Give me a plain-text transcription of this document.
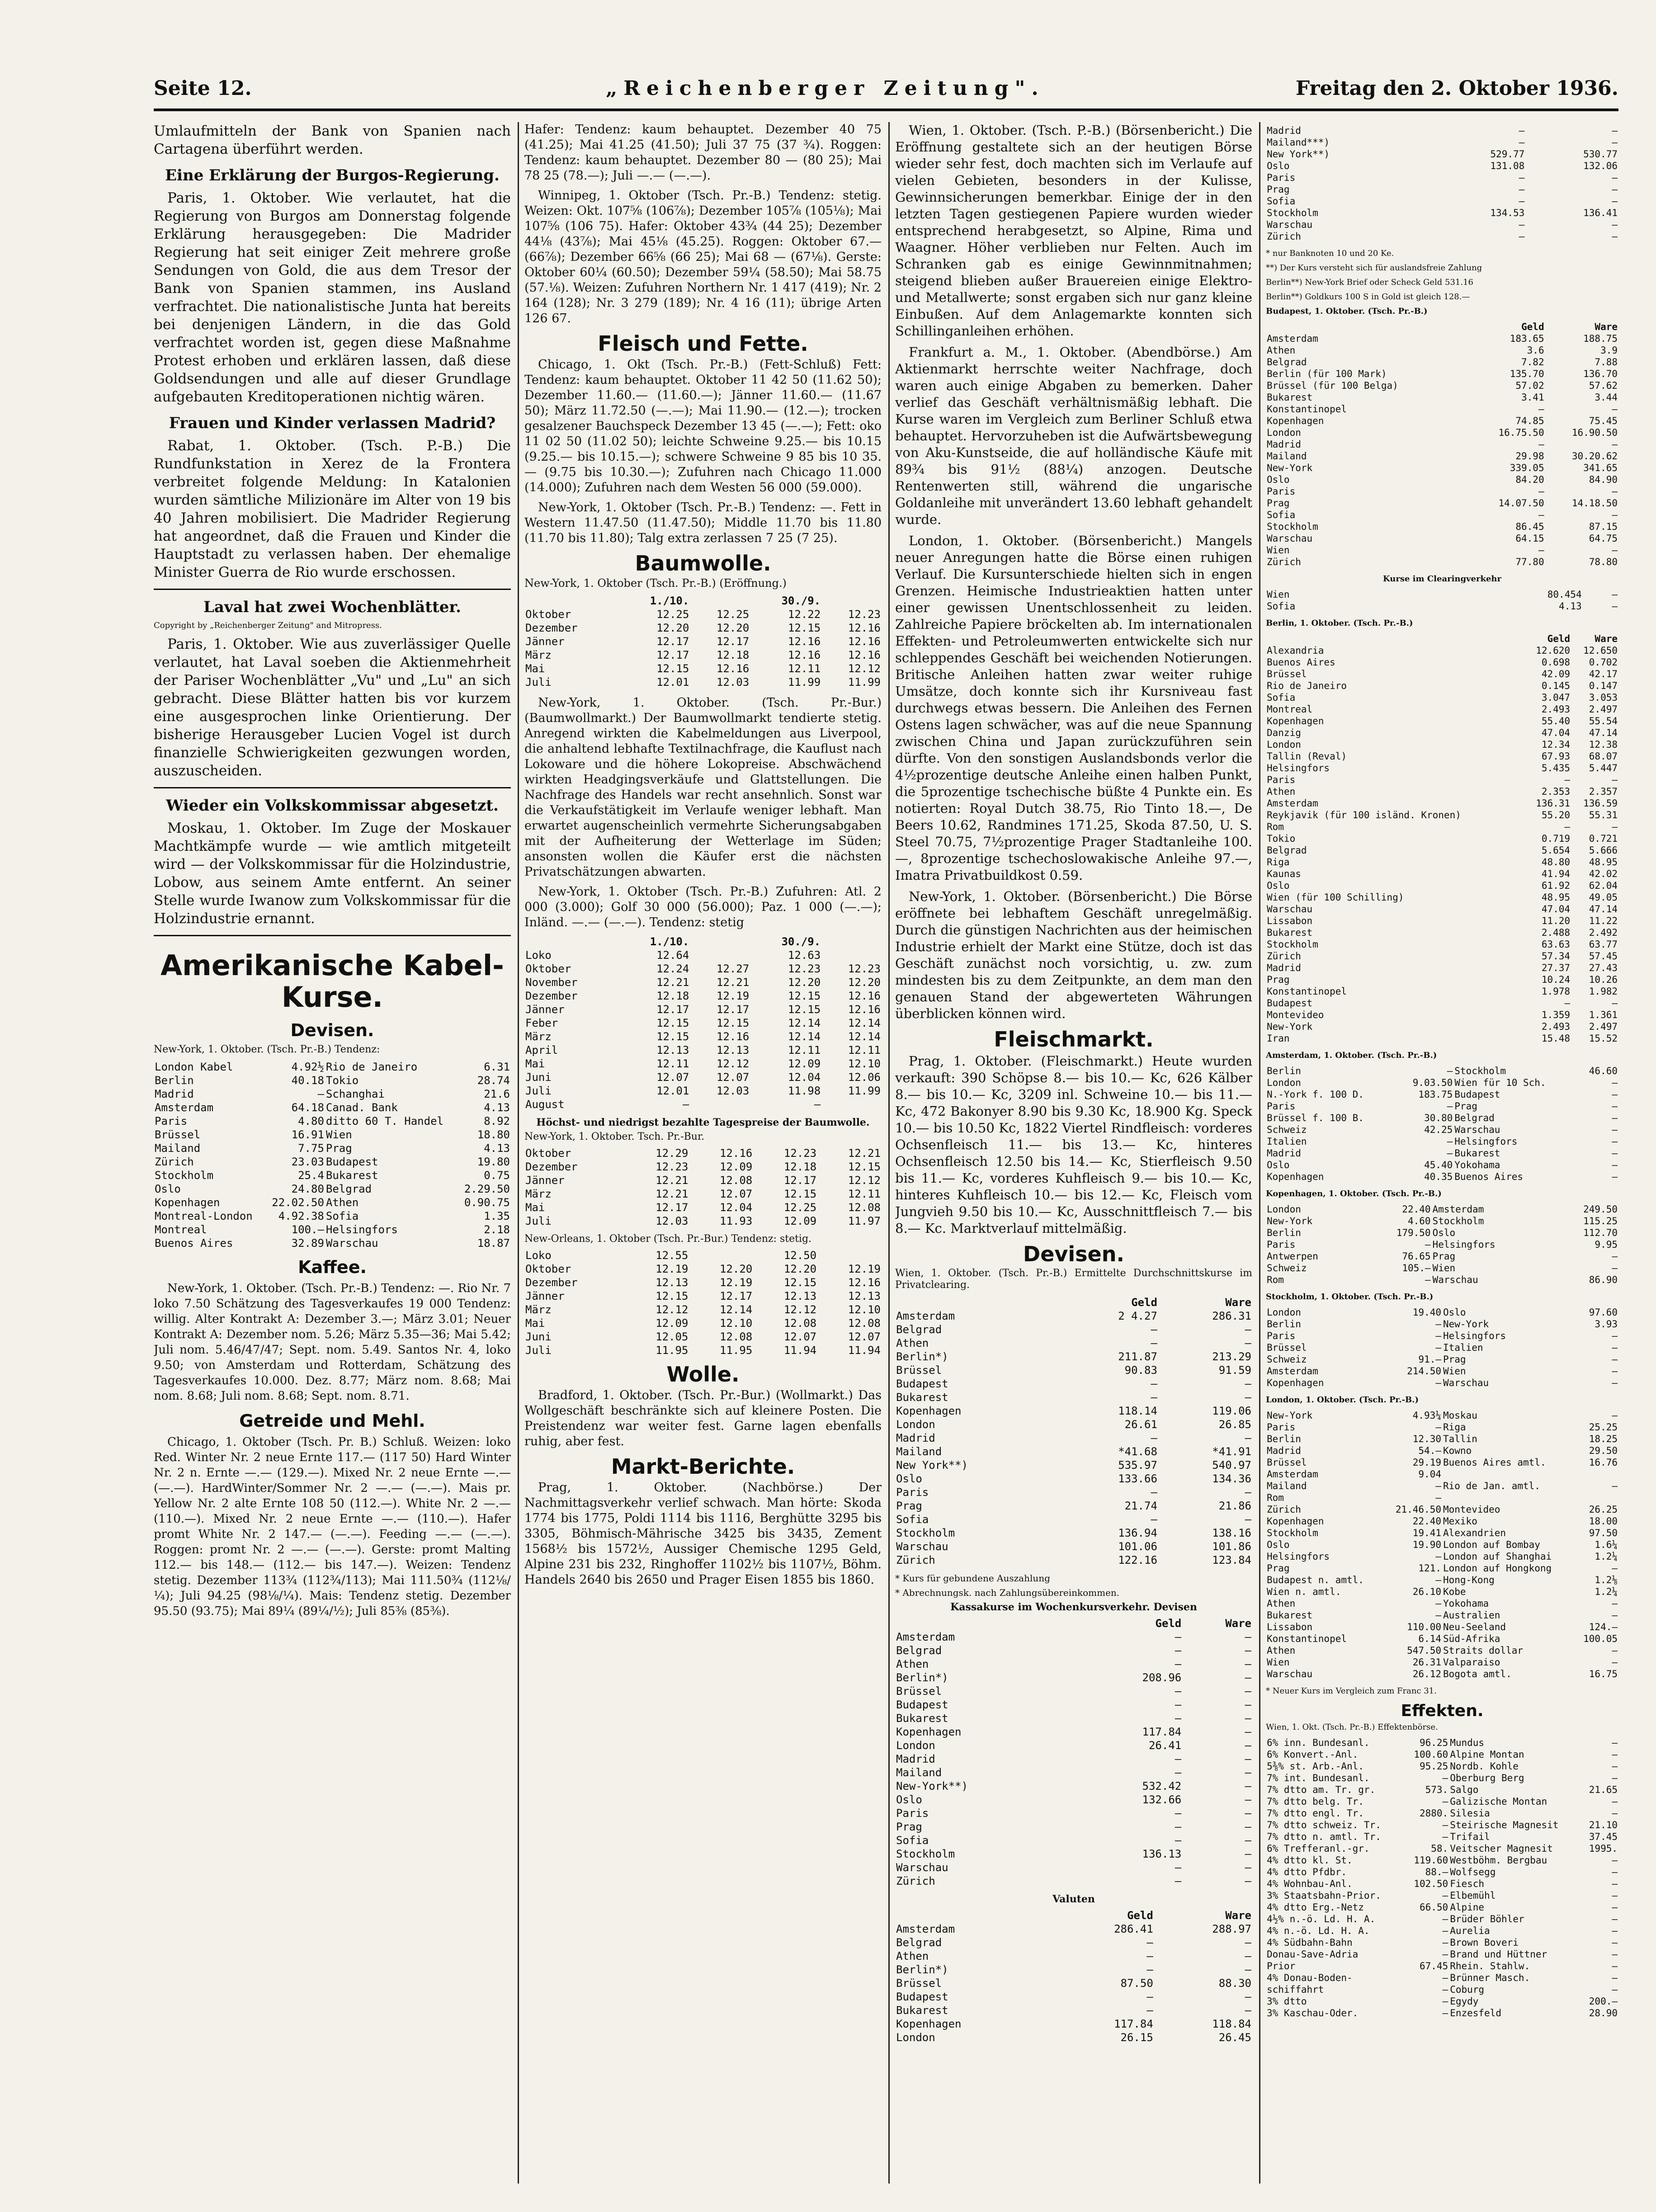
Seite 12.	„Reichenberger Zeitung".	Freitag den 2. Oktober 1936.

Umlaufmitteln der Bank von Spanien nach Cartagena überführt werden.

Eine Erklärung der Burgos-Regierung.

Paris, 1. Oktober. Wie verlautet, hat die Regierung von Burgos am Donnerstag folgende Erklärung herausgegeben: Die Madrider Regierung hat seit einiger Zeit mehrere große Sendungen von Gold, die aus dem Tresor der Bank von Spanien stammen, ins Ausland verfrachtet. Die nationalistische Junta hat bereits bei denjenigen Ländern, in die das Gold verfrachtet worden ist, gegen diese Maßnahme Protest erhoben und erklären lassen, daß diese Goldsendungen und alle auf dieser Grundlage aufgebauten Kreditoperationen nichtig wären.

Frauen und Kinder verlassen Madrid?

Rabat, 1. Oktober. (Tsch. P.-B.) Die Rundfunkstation in Xerez de la Frontera verbreitet folgende Meldung: In Katalonien wurden sämtliche Milizionäre im Alter von 19 bis 40 Jahren mobilisiert. Die Madrider Regierung hat angeordnet, daß die Frauen und Kinder die Hauptstadt zu verlassen haben. Der ehemalige Minister Guerra de Rio wurde erschossen.

Laval hat zwei Wochenblätter.
Copyright by „Reichenberger Zeitung" and Mitropress.

Paris, 1. Oktober. Wie aus zuverlässiger Quelle verlautet, hat Laval soeben die Aktienmehrheit der Pariser Wochenblätter „Vu" und „Lu" an sich gebracht. Diese Blätter hatten bis vor kurzem eine ausgesprochen linke Orientierung. Der bisherige Herausgeber Lucien Vogel ist durch finanzielle Schwierigkeiten gezwungen worden, auszuscheiden.

Wieder ein Volkskommissar abgesetzt.

Moskau, 1. Oktober. Im Zuge der Moskauer Machtkämpfe wurde — wie amtlich mitgeteilt wird — der Volkskommissar für die Holzindustrie, Lobow, aus seinem Amte entfernt. An seiner Stelle wurde Iwanow zum Volkskommissar für die Holzindustrie ernannt.

Amerikanische Kabel-Kurse.
Devisen.
New-York, 1. Oktober. (Tsch. Pr.-B.) Tendenz:
London Kabel	4.92½	Rio de Janeiro	6.31
Berlin	40.18	Tokio	28.74
Madrid	—	Schanghai	21.6
Amsterdam	64.18	Canad. Bank	4.13
Paris	4.80	ditto 60 T. Handel	8.92
Brüssel	16.91	Wien	18.80
Mailand	7.75	Prag	4.13
Zürich	23.03	Budapest	19.80
Stockholm	25.4	Bukarest	0.75
Oslo	24.80	Belgrad	2.29.50
Kopenhagen	22.02.50	Athen	0.90.75
Montreal-London	4.92.38	Sofia	1.35
Montreal	100.—	Helsingfors	2.18
Buenos Aires	32.89	Warschau	18.87
Kaffee.

New-York, 1. Oktober. (Tsch. Pr.-B.) Tendenz: —. Rio Nr. 7 loko 7.50 Schätzung des Tagesverkaufes 19 000 Tendenz: willig. Alter Kontrakt A: Dezember 3.—; März 3.01; Neuer Kontrakt A: Dezember nom. 5.26; März 5.35—36; Mai 5.42; Juli nom. 5.46/47/47; Sept. nom. 5.49. Santos Nr. 4, loko 9.50; von Amsterdam und Rotterdam, Schätzung des Tagesverkaufes 10.000. Dez. 8.77; März nom. 8.68; Mai nom. 8.68; Juli nom. 8.68; Sept. nom. 8.71.

Getreide und Mehl.

Chicago, 1. Oktober (Tsch. Pr. B.) Schluß. Weizen: loko Red. Winter Nr. 2 neue Ernte 117.— (117 50) Hard Winter Nr. 2 n. Ernte —.— (129.—). Mixed Nr. 2 neue Ernte —.— (—.—). HardWinter/Sommer Nr. 2 —.— (—.—). Mais pr. Yellow Nr. 2 alte Ernte 108 50 (112.—). White Nr. 2 —.— (110.—). Mixed Nr. 2 neue Ernte —.— (110.—). Hafer promt White Nr. 2 147.— (—.—). Feeding —.— (—.—). Roggen: promt Nr. 2 —.— (—.—). Gerste: promt Malting 112.— bis 148.— (112.— bis 147.—). Weizen: Tendenz stetig. Dezember 113¾ (112¾/113); Mai 111.50¾ (112⅛/¼); Juli 94.25 (98⅛/¼). Mais: Tendenz stetig. Dezember 95.50 (93.75); Mai 89¼ (89¼/½); Juli 85⅜ (85⅜).

Hafer: Tendenz: kaum behauptet. Dezember 40 75 (41.25); Mai 41.25 (41.50); Juli 37 75 (37 ¾). Roggen: Tendenz: kaum behauptet. Dezember 80 — (80 25); Mai 78 25 (78.—); Juli —.— (—.—).

Winnipeg, 1. Oktober (Tsch. Pr.-B.) Tendenz: stetig. Weizen: Okt. 107⅝ (106⅞); Dezember 105⅞ (105⅛); Mai 107⅝ (106 75). Hafer: Oktober 43¾ (44 25); Dezember 44⅛ (43⅞); Mai 45⅛ (45.25). Roggen: Oktober 67.— (66⅞); Dezember 66⅝ (66 25); Mai 68 — (67⅛). Gerste: Oktober 60¼ (60.50); Dezember 59¼ (58.50); Mai 58.75 (57.⅛). Weizen: Zufuhren Northern Nr. 1 417 (419); Nr. 2 164 (128); Nr. 3 279 (189); Nr. 4 16 (11); übrige Arten 126 67.

Fleisch und Fette.

Chicago, 1. Okt (Tsch. Pr.-B.) (Fett-Schluß) Fett: Tendenz: kaum behauptet. Oktober 11 42 50 (11.62 50); Dezember 11.60.— (11.60.—); Jänner 11.60.— (11.67 50); März 11.72.50 (—.—); Mai 11.90.— (12.—); trocken gesalzener Bauchspeck Dezember 13 45 (—.—); Fett: oko 11 02 50 (11.02 50); leichte Schweine 9.25.— bis 10.15 (9.25.— bis 10.15.—); schwere Schweine 9 85 bis 10 35.— (9.75 bis 10.30.—); Zufuhren nach Chicago 11.000 (14.000); Zufuhren nach dem Westen 56 000 (59.000).

New-York, 1. Oktober (Tsch. Pr.-B.) Tendenz: —. Fett in Western 11.47.50 (11.47.50); Middle 11.70 bis 11.80 (11.70 bis 11.80); Talg extra zerlassen 7 25 (7 25).

Baumwolle.
New-York, 1. Oktober (Tsch. Pr.-B.) (Eröffnung.)
	1./10.		30./9.	
Oktober	12.25	12.25	12.22	12.23
Dezember	12.20	12.20	12.15	12.16
Jänner	12.17	12.17	12.16	12.16
März	12.17	12.18	12.16	12.16
Mai	12.15	12.16	12.11	12.12
Juli	12.01	12.03	11.99	11.99

New-York, 1. Oktober. (Tsch. Pr.-Bur.) (Baumwollmarkt.) Der Baumwollmarkt tendierte stetig. Anregend wirkten die Kabelmeldungen aus Liverpool, die anhaltend lebhafte Textilnachfrage, die Kauflust nach Lokoware und die höhere Lokopreise. Abschwächend wirkten Headgingsverkäufe und Glattstellungen. Die Nachfrage des Handels war recht ansehnlich. Sonst war die Verkaufstätigkeit im Verlaufe weniger lebhaft. Man erwartet augenscheinlich vermehrte Sicherungsabgaben mit der Aufheiterung der Wetterlage im Süden; ansonsten wollen die Käufer erst die nächsten Privatschätzungen abwarten.

New-York, 1. Oktober (Tsch. Pr.-B.) Zufuhren: Atl. 2 000 (3.000); Golf 30 000 (56.000); Paz. 1 000 (—.—); Inländ. —.— (—.—). Tendenz: stetig

	1./10.		30./9.	
Loko	12.64		12.63	
Oktober	12.24	12.27	12.23	12.23
November	12.21	12.21	12.20	12.20
Dezember	12.18	12.19	12.15	12.16
Jänner	12.17	12.17	12.15	12.16
Feber	12.15	12.15	12.14	12.14
März	12.15	12.16	12.14	12.14
April	12.13	12.13	12.11	12.11
Mai	12.11	12.12	12.09	12.10
Juni	12.07	12.07	12.04	12.06
Juli	12.01	12.03	11.98	11.99
August	—		—	
Höchst- und niedrigst bezahlte Tagespreise der Baumwolle.
New-York, 1. Oktober. Tsch. Pr.-Bur.
Oktober	12.29	12.16	12.23	12.21
Dezember	12.23	12.09	12.18	12.15
Jänner	12.21	12.08	12.17	12.12
März	12.21	12.07	12.15	12.11
Mai	12.17	12.04	12.25	12.08
Juli	12.03	11.93	12.09	11.97
New-Orleans, 1. Oktober (Tsch. Pr.-Bur.) Tendenz: stetig.
Loko	12.55		12.50	
Oktober	12.19	12.20	12.20	12.19
Dezember	12.13	12.19	12.15	12.16
Jänner	12.15	12.17	12.13	12.13
März	12.12	12.14	12.12	12.10
Mai	12.09	12.10	12.08	12.08
Juni	12.05	12.08	12.07	12.07
Juli	11.95	11.95	11.94	11.94
Wolle.

Bradford, 1. Oktober. (Tsch. Pr.-Bur.) (Wollmarkt.) Das Wollgeschäft beschränkte sich auf kleinere Posten. Die Preistendenz war weiter fest. Garne lagen ebenfalls ruhig, aber fest.

Markt-Berichte.

Prag, 1. Oktober. (Nachbörse.) Der Nachmittagsverkehr verlief schwach. Man hörte: Skoda 1774 bis 1775, Poldi 1114 bis 1116, Berghütte 3295 bis 3305, Böhmisch-Mährische 3425 bis 3435, Zement 1568½ bis 1572½, Aussiger Chemische 1295 Geld, Alpine 231 bis 232, Ringhoffer 1102½ bis 1107½, Böhm. Handels 2640 bis 2650 und Prager Eisen 1855 bis 1860.

Wien, 1. Oktober. (Tsch. P.-B.) (Börsenbericht.) Die Eröffnung gestaltete sich an der heutigen Börse wieder sehr fest, doch machten sich im Verlaufe auf vielen Gebieten, besonders in der Kulisse, Gewinnsicherungen bemerkbar. Einige der in den letzten Tagen gestiegenen Papiere wurden wieder entsprechend herabgesetzt, so Alpine, Rima und Waagner. Höher verblieben nur Felten. Auch im Schranken gab es einige Gewinnmitnahmen; steigend blieben außer Brauereien einige Elektro- und Metallwerte; sonst ergaben sich nur ganz kleine Einbußen. Auf dem Anlagemarkte konnten sich Schillinganleihen erhöhen.

Frankfurt a. M., 1. Oktober. (Abendbörse.) Am Aktienmarkt herrschte weiter Nachfrage, doch waren auch einige Abgaben zu bemerken. Daher verlief das Geschäft verhältnismäßig lebhaft. Die Kurse waren im Vergleich zum Berliner Schluß etwa behauptet. Hervorzuheben ist die Aufwärtsbewegung von Aku-Kunstseide, die auf holländische Käufe mit 89¾ bis 91½ (88¼) anzogen. Deutsche Rentenwerten still, während die ungarische Goldanleihe mit unverändert 13.60 lebhaft gehandelt wurde.

London, 1. Oktober. (Börsenbericht.) Mangels neuer Anregungen hatte die Börse einen ruhigen Verlauf. Die Kursunterschiede hielten sich in engen Grenzen. Heimische Industrieaktien hatten unter einer gewissen Unentschlossenheit zu leiden. Zahlreiche Papiere bröckelten ab. Im internationalen Effekten- und Petroleumwerten entwickelte sich nur schleppendes Geschäft bei weichenden Notierungen. Britische Anleihen hatten zwar weiter ruhige Umsätze, doch konnte sich ihr Kursniveau fast durchwegs etwas bessern. Die Anleihen des Fernen Ostens lagen schwächer, was auf die neue Spannung zwischen China und Japan zurückzuführen sein dürfte. Von den sonstigen Auslandsbonds verlor die 4½prozentige deutsche Anleihe einen halben Punkt, die 5prozentige tschechische büßte 4 Punkte ein. Es notierten: Royal Dutch 38.75, Rio Tinto 18.—, De Beers 10.62, Randmines 171.25, Skoda 87.50, U. S. Steel 70.75, 7½prozentige Prager Stadtanleihe 100.—, 8prozentige tschechoslowakische Anleihe 97.—, Imatra Privatbuildkost 0.59.

New-York, 1. Oktober. (Börsenbericht.) Die Börse eröffnete bei lebhaftem Geschäft unregelmäßig. Durch die günstigen Nachrichten aus der heimischen Industrie erhielt der Markt eine Stütze, doch ist das Geschäft zunächst noch vorsichtig, u. zw. zum mindesten bis zu dem Zeitpunkte, an dem man den genauen Stand der abgewerteten Währungen überblicken können wird.

Fleischmarkt.

Prag, 1. Oktober. (Fleischmarkt.) Heute wurden verkauft: 390 Schöpse 8.— bis 10.— Kc, 626 Kälber 8.— bis 10.— Kc, 3209 inl. Schweine 10.— bis 11.— Kc, 472 Bakonyer 8.90 bis 9.30 Kc, 18.900 Kg. Speck 10.— bis 10.50 Kc, 1822 Viertel Rindfleisch: vorderes Ochsenfleisch 11.— bis 13.— Kc, hinteres Ochsenfleisch 12.50 bis 14.— Kc, Stierfleisch 9.50 bis 11.— Kc, vorderes Kuhfleisch 9.— bis 10.— Kc, hinteres Kuhfleisch 10.— bis 12.— Kc, Fleisch vom Jungvieh 9.50 bis 10.— Kc, Ausschnittfleisch 7.— bis 8.— Kc. Marktverlauf mittelmäßig.

Devisen.
Wien, 1. Oktober. (Tsch. Pr.-B.) Ermittelte Durchschnittskurse im Privatclearing.
	Geld	Ware
Amsterdam	2 4.27	286.31
Belgrad	—	—
Athen	—	—
Berlin*)	211.87	213.29
Brüssel	90.83	91.59
Budapest	—	—
Bukarest	—	—
Kopenhagen	118.14	119.06
London	26.61	26.85
Madrid	—	—
Mailand	*41.68	*41.91
New York**)	535.97	540.97
Oslo	133.66	134.36
Paris	—	—
Prag	21.74	21.86
Sofia	—	—
Stockholm	136.94	138.16
Warschau	101.06	101.86
Zürich	122.16	123.84
* Kurs für gebundene Auszahlung
* Abrechnungsk. nach Zahlungsübereinkommen.
Kassakurse im Wochenkursverkehr. Devisen
	Geld	Ware
Amsterdam	—	—
Belgrad	—	—
Athen	—	—
Berlin*)	208.96	—
Brüssel	—	—
Budapest	—	—
Bukarest	—	—
Kopenhagen	117.84	—
London	26.41	—
Madrid	—	—
Mailand	—	—
New-York**)	532.42	—
Oslo	132.66	—
Paris	—	—
Prag	—	—
Sofia	—	—
Stockholm	136.13	—
Warschau	—	—
Zürich	—	—
Valuten
	Geld	Ware
Amsterdam	286.41	288.97
Belgrad	—	—
Athen	—	—
Berlin*)	—	—
Brüssel	87.50	88.30
Budapest	—	—
Bukarest	—	—
Kopenhagen	117.84	118.84
London	26.15	26.45
Madrid	—	—
Mailand***)	—	—
New York**)	529.77	530.77
Oslo	131.08	132.06
Paris	—	—
Prag	—	—
Sofia	—	—
Stockholm	134.53	136.41
Warschau	—	—
Zürich	—	—
* nur Banknoten 10 und 20 Ke.
**) Der Kurs versteht sich für auslandsfreie Zahlung
Berlin**) New-York Brief oder Scheck Geld 531.16
Berlin**) Goldkurs 100 S in Gold ist gleich 128.—
Budapest, 1. Oktober. (Tsch. Pr.-B.)
	Geld	Ware
Amsterdam	183.65	188.75
Athen	3.6	3.9
Belgrad	7.82	7.88
Berlin (für 100 Mark)	135.70	136.70
Brüssel (für 100 Belga)	57.02	57.62
Bukarest	3.41	3.44
Konstantinopel	—	—
Kopenhagen	74.85	75.45
London	16.75.50	16.90.50
Madrid	—	—
Mailand	29.98	30.20.62
New-York	339.05	341.65
Oslo	84.20	84.90
Paris	—	—
Prag	14.07.50	14.18.50
Sofia	—	—
Stockholm	86.45	87.15
Warschau	64.15	64.75
Wien	—	—
Zürich	77.80	78.80
Kurse im Clearingverkehr
Wien	80.454	—
Sofia	4.13	—
Berlin, 1. Oktober. (Tsch. Pr.-B.)
	Geld	Ware
Alexandria	12.620	12.650
Buenos Aires	0.698	0.702
Brüssel	42.09	42.17
Rio de Janeiro	0.145	0.147
Sofia	3.047	3.053
Montreal	2.493	2.497
Kopenhagen	55.40	55.54
Danzig	47.04	47.14
London	12.34	12.38
Tallin (Reval)	67.93	68.07
Helsingfors	5.435	5.447
Paris	—	—
Athen	2.353	2.357
Amsterdam	136.31	136.59
Reykjavik (für 100 isländ. Kronen)	55.20	55.31
Rom	—	—
Tokio	0.719	0.721
Belgrad	5.654	5.666
Riga	48.80	48.95
Kaunas	41.94	42.02
Oslo	61.92	62.04
Wien (für 100 Schilling)	48.95	49.05
Warschau	47.04	47.14
Lissabon	11.20	11.22
Bukarest	2.488	2.492
Stockholm	63.63	63.77
Zürich	57.34	57.45
Madrid	27.37	27.43
Prag	10.24	10.26
Konstantinopel	1.978	1.982
Budapest	—	—
Montevideo	1.359	1.361
New-York	2.493	2.497
Iran	15.48	15.52
Amsterdam, 1. Oktober. (Tsch. Pr.-B.)
Berlin	—	Stockholm	46.60
London	9.03.50	Wien für 10 Sch.	—
N.-York f. 100 D.	183.75	Budapest	—
Paris	—	Prag	—
Brüssel f. 100 B.	30.80	Belgrad	—
Schweiz	42.25	Warschau	—
Italien	—	Helsingfors	—
Madrid	—	Bukarest	—
Oslo	45.40	Yokohama	—
Kopenhagen	40.35	Buenos Aires	—
Kopenhagen, 1. Oktober. (Tsch. Pr.-B.)
London	22.40	Amsterdam	249.50
New-York	4.60	Stockholm	115.25
Berlin	179.50	Oslo	112.70
Paris	—	Helsingfors	9.95
Antwerpen	76.65	Prag	—
Schweiz	105.—	Wien	—
Rom	—	Warschau	86.90
Stockholm, 1. Oktober. (Tsch. Pr.-B.)
London	19.40	Oslo	97.60
Berlin	—	New-York	3.93
Paris	—	Helsingfors	—
Brüssel	—	Italien	—
Schweiz	91.—	Prag	—
Amsterdam	214.50	Wien	—
Kopenhagen	—	Warschau	—
London, 1. Oktober. (Tsch. Pr.-B.)
New-York	4.93¼	Moskau	—
Paris	—	Riga	25.25
Berlin	12.30	Tallin	18.25
Madrid	54.—	Kowno	29.50
Brüssel	29.19	Buenos Aires amtl.	16.76
Amsterdam	9.04		
Mailand	—	Rio de Jan. amtl.	—
Rom	—		
Zürich	21.46.50	Montevideo	26.25
Kopenhagen	22.40	Mexiko	18.00
Stockholm	19.41	Alexandrien	97.50
Oslo	19.90	London auf Bombay	1.6¼
Helsingfors	—	London auf Shanghai	1.2¼
Prag	121.	London auf Hongkong	—
Budapest n. amtl.	—	Hong-Kong	1.2⅛
Wien n. amtl.	26.10	Kobe	1.2¼
Athen	—	Yokohama	—
Bukarest	—	Australien	—
Lissabon	110.00	Neu-Seeland	124.—
Konstantinopel	6.14	Süd-Afrika	100.05
Athen	547.50	Straits dollar	—
Wien	26.31	Valparaiso	—
Warschau	26.12	Bogota amtl.	16.75
* Neuer Kurs im Vergleich zum Franc 31.
Effekten.
Wien, 1. Okt. (Tsch. Pr.-B.) Effektenbörse.
6% inn. Bundesanl.	96.25	Mundus	—
6% Konvert.-Anl.	100.60	Alpine Montan	—
5⅜% st. Arb.-Anl.	95.25	Nordb. Kohle	—
7% int. Bundesanl.	—	Oberburg Berg	—
7% dtto am. Tr. gr.	573.	Salgo	21.65
7% dtto belg. Tr.	—	Galizische Montan	—
7% dtto engl. Tr.	2880.	Silesia	—
7% dtto schweiz. Tr.	—	Steirische Magnesit	21.10
7% dtto n. amtl. Tr.	—	Trifail	37.45
6% Trefferanl.-gr.	58.	Veitscher Magnesit	1995.
4% dtto kl. St.	119.60	Westböhm. Bergbau	—
4% dtto Pfdbr.	88.—	Wolfsegg	—
4% Wohnbau-Anl.	102.50	Fiesch	—
3% Staatsbahn-Prior.	—	Elbemühl	—
4% dtto Erg.-Netz	66.50	Alpine	—
4½% n.-ö. Ld. H. A.	—	Brüder Böhler	—
4% n.-ö. Ld. H. A.	—	Aurelia	—
4% Südbahn-Bahn	—	Brown Boveri	—
Donau-Save-Adria	—	Brand und Hüttner	—
Prior	67.45	Rhein. Stahlw.	—
4% Donau-Boden-	—	Brünner Masch.	—
schiffahrt	—	Coburg	—
3% dtto	—	Egydy	200.—
3% Kaschau-Oder.	—	Enzesfeld	28.90
